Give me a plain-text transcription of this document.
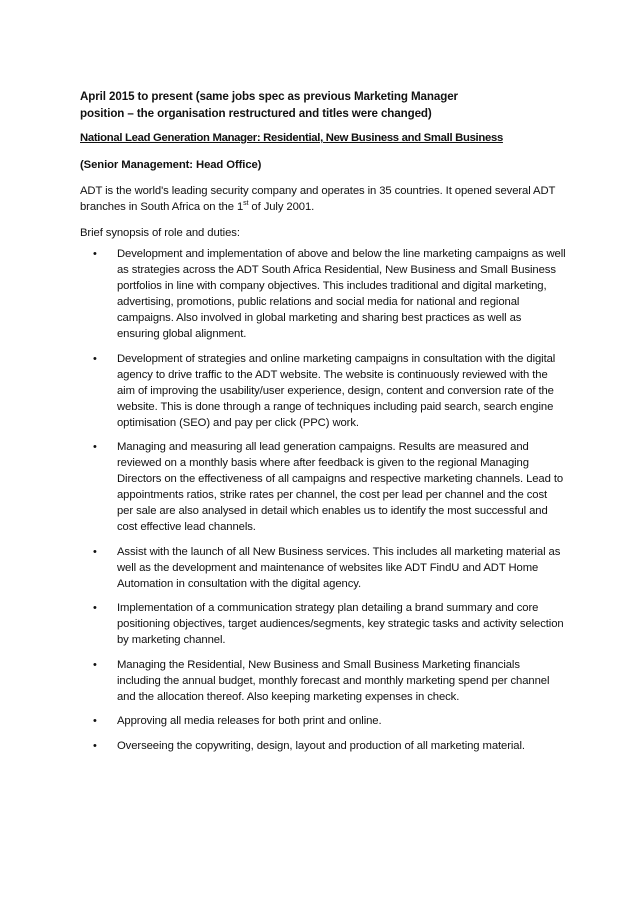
April 2015 to present (same jobs spec as previous Marketing Manager
position – the organisation restructured and titles were changed)
National Lead Generation Manager: Residential, New Business and Small Business
(Senior Management: Head Office)

ADT is the world's leading security company and operates in 35 countries. It opened several ADT branches in South Africa on the 1st of July 2001.

Brief synopsis of role and duties:

• Development and implementation of above and below the line marketing campaigns as well as strategies across the ADT South Africa Residential, New Business and Small Business portfolios in line with company objectives. This includes traditional and digital marketing, advertising, promotions, public relations and social media for national and regional campaigns. Also involved in global marketing and sharing best practices as well as ensuring global alignment.
• Development of strategies and online marketing campaigns in consultation with the digital agency to drive traffic to the ADT website. The website is continuously reviewed with the aim of improving the usability/user experience, design, content and conversion rate of the website. This is done through a range of techniques including paid search, search engine optimisation (SEO) and pay per click (PPC) work.
• Managing and measuring all lead generation campaigns. Results are measured and reviewed on a monthly basis where after feedback is given to the regional Managing Directors on the effectiveness of all campaigns and respective marketing channels. Lead to appointments ratios, strike rates per channel, the cost per lead per channel and the cost per sale are also analysed in detail which enables us to identify the most successful and cost effective lead channels.
• Assist with the launch of all New Business services. This includes all marketing material as well as the development and maintenance of websites like ADT FindU and ADT Home Automation in consultation with the digital agency.
• Implementation of a communication strategy plan detailing a brand summary and core positioning objectives, target audiences/segments, key strategic tasks and activity selection by marketing channel.
• Managing the Residential, New Business and Small Business Marketing financials including the annual budget, monthly forecast and monthly marketing spend per channel and the allocation thereof. Also keeping marketing expenses in check.
• Approving all media releases for both print and online.
• Overseeing the copywriting, design, layout and production of all marketing material.
